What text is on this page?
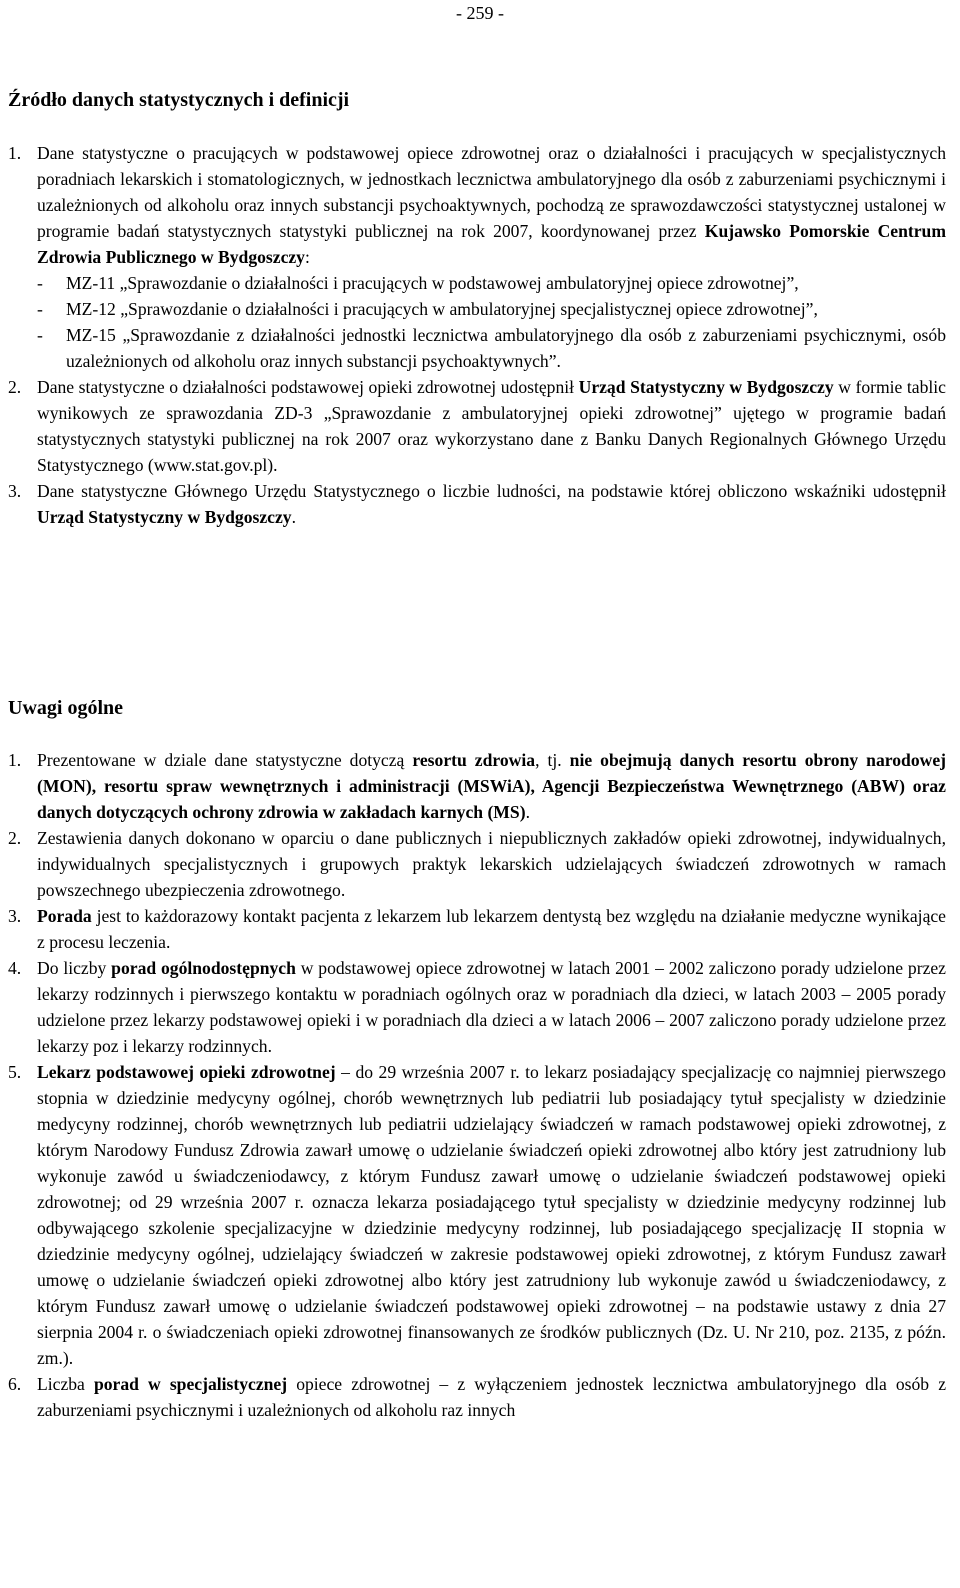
- 259 -
Źródło danych statystycznych i definicji
1. Dane statystyczne o pracujących w podstawowej opiece zdrowotnej oraz o działalności i pracujących w specjalistycznych poradniach lekarskich i stomatologicznych, w jednostkach lecznictwa ambulatoryjnego dla osób z zaburzeniami psychicznymi i uzależnionych od alkoholu oraz innych substancji psychoaktywnych, pochodzą ze sprawozdawczości statystycznej ustalonej w programie badań statystycznych statystyki publicznej na rok 2007, koordynowanej przez Kujawsko Pomorskie Centrum Zdrowia Publicznego w Bydgoszczy:
-	MZ-11 „Sprawozdanie o działalności i pracujących w podstawowej ambulatoryjnej opiece zdrowotnej”,
-	MZ-12 „Sprawozdanie o działalności i pracujących w ambulatoryjnej specjalistycznej opiece zdrowotnej”,
-	MZ-15 „Sprawozdanie z działalności jednostki lecznictwa ambulatoryjnego dla osób z zaburzeniami psychicznymi, osób uzależnionych od alkoholu oraz innych substancji psychoaktywnych”.
2. Dane statystyczne o działalności podstawowej opieki zdrowotnej udostępnił Urząd Statystyczny w Bydgoszczy w formie tablic wynikowych ze sprawozdania ZD-3 „Sprawozdanie z ambulatoryjnej opieki zdrowotnej” ujętego w programie badań statystycznych statystyki publicznej na rok 2007 oraz wykorzystano dane z Banku Danych Regionalnych Głównego Urzędu Statystycznego (www.stat.gov.pl).
3. Dane statystyczne Głównego Urzędu Statystycznego o liczbie ludności, na podstawie której obliczono wskaźniki udostępnił Urząd Statystyczny w Bydgoszczy.
Uwagi ogólne
1. Prezentowane w dziale dane statystyczne dotyczą resortu zdrowia, tj. nie obejmują danych resortu obrony narodowej (MON), resortu spraw wewnętrznych i administracji (MSWiA), Agencji Bezpieczeństwa Wewnętrznego (ABW) oraz danych dotyczących ochrony zdrowia w zakładach karnych (MS).
2. Zestawienia danych dokonano w oparciu o dane publicznych i niepublicznych zakładów opieki zdrowotnej, indywidualnych, indywidualnych specjalistycznych i grupowych praktyk lekarskich udzielających świadczeń zdrowotnych w ramach powszechnego ubezpieczenia zdrowotnego.
3. Porada jest to każdorazowy kontakt pacjenta z lekarzem lub lekarzem dentystą bez względu na działanie medyczne wynikające z procesu leczenia.
4. Do liczby porad ogólnodostępnych w podstawowej opiece zdrowotnej w latach 2001 – 2002 zaliczono porady udzielone przez lekarzy rodzinnych i pierwszego kontaktu w poradniach ogólnych oraz w poradniach dla dzieci, w latach 2003 – 2005 porady udzielone przez lekarzy podstawowej opieki i w poradniach dla dzieci a w latach 2006 – 2007 zaliczono porady udzielone przez lekarzy poz i lekarzy rodzinnych.
5. Lekarz podstawowej opieki zdrowotnej – do 29 września 2007 r. to lekarz posiadający specjalizację co najmniej pierwszego stopnia w dziedzinie medycyny ogólnej, chorób wewnętrznych lub pediatrii lub posiadający tytuł specjalisty w dziedzinie medycyny rodzinnej, chorób wewnętrznych lub pediatrii udzielający świadczeń w ramach podstawowej opieki zdrowotnej, z którym Narodowy Fundusz Zdrowia zawarł umowę o udzielanie świadczeń opieki zdrowotnej albo który jest zatrudniony lub wykonuje zawód u świadczeniodawcy, z którym Fundusz zawarł umowę o udzielanie świadczeń podstawowej opieki zdrowotnej; od 29 września 2007 r. oznacza lekarza posiadającego tytuł specjalisty w dziedzinie medycyny rodzinnej lub odbywającego szkolenie specjalizacyjne w dziedzinie medycyny rodzinnej, lub posiadającego specjalizację II stopnia w dziedzinie medycyny ogólnej, udzielający świadczeń w zakresie podstawowej opieki zdrowotnej, z którym Fundusz zawarł umowę o udzielanie świadczeń opieki zdrowotnej albo który jest zatrudniony lub wykonuje zawód u świadczeniodawcy, z którym Fundusz zawarł umowę o udzielanie świadczeń podstawowej opieki zdrowotnej – na podstawie ustawy z dnia 27 sierpnia 2004 r. o świadczeniach opieki zdrowotnej finansowanych ze środków publicznych (Dz. U. Nr 210, poz. 2135, z późn. zm.).
6. Liczba porad w specjalistycznej opiece zdrowotnej – z wyłączeniem jednostek lecznictwa ambulatoryjnego dla osób z zaburzeniami psychicznymi i uzależnionych od alkoholu raz innych
